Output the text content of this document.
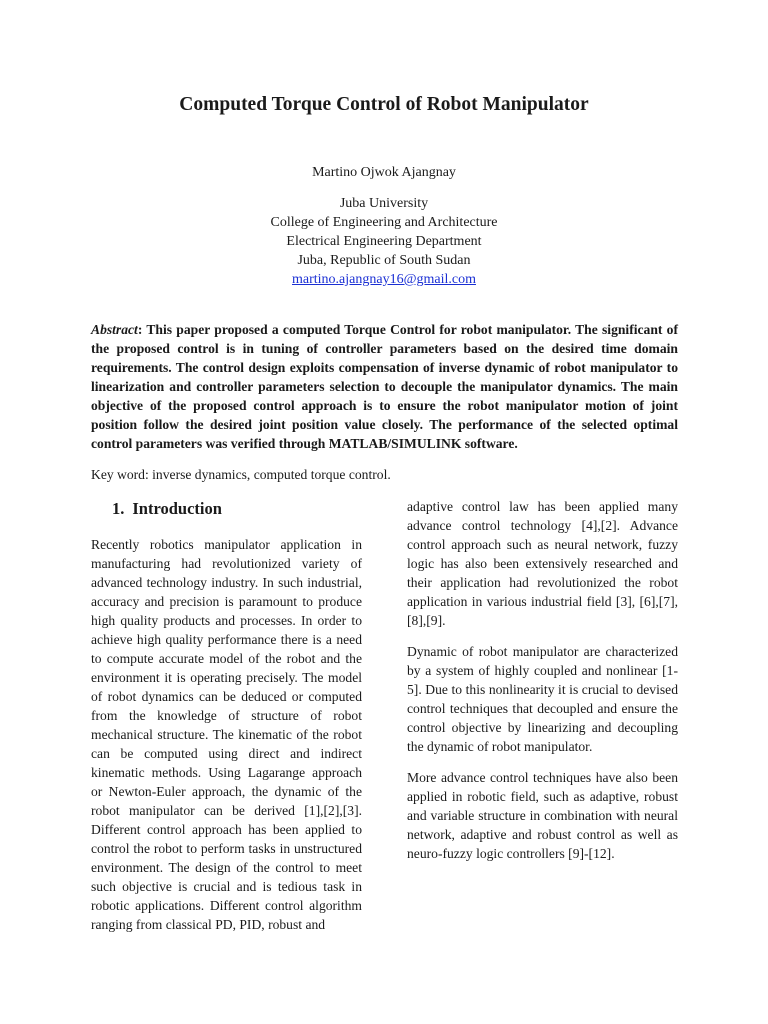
Computed Torque Control of Robot Manipulator
Martino Ojwok Ajangnay
Juba University
College of Engineering and Architecture
Electrical Engineering Department
Juba, Republic of South Sudan
martino.ajangnay16@gmail.com

Abstract: This paper proposed a computed Torque Control for robot manipulator. The significant of the proposed control is in tuning of controller parameters based on the desired time domain requirements. The control design exploits compensation of inverse dynamic of robot manipulator to linearization and controller parameters selection to decouple the manipulator dynamics. The main objective of the proposed control approach is to ensure the robot manipulator motion of joint position follow the desired joint position value closely. The performance of the selected optimal control parameters was verified through MATLAB/SIMULINK software.

Key word: inverse dynamics, computed torque control.

1. Introduction

Recently robotics manipulator application in manufacturing had revolutionized variety of advanced technology industry. In such industrial, accuracy and precision is paramount to produce high quality products and processes. In order to achieve high quality performance there is a need to compute accurate model of the robot and the environment it is operating precisely. The model of robot dynamics can be deduced or computed from the knowledge of structure of robot mechanical structure. The kinematic of the robot can be computed using direct and indirect kinematic methods. Using Lagarange approach or Newton-Euler approach, the dynamic of the robot manipulator can be derived [1],[2],[3]. Different control approach has been applied to control the robot to perform tasks in unstructured environment. The design of the control to meet such objective is crucial and is tedious task in robotic applications. Different control algorithm ranging from classical PD, PID, robust and

adaptive control law has been applied many advance control technology [4],[2]. Advance control approach such as neural network, fuzzy logic has also been extensively researched and their application had revolutionized the robot application in various industrial field [3], [6],[7],[8],[9].

Dynamic of robot manipulator are characterized by a system of highly coupled and nonlinear [1-5]. Due to this nonlinearity it is crucial to devised control techniques that decoupled and ensure the control objective by linearizing and decoupling the dynamic of robot manipulator.

More advance control techniques have also been applied in robotic field, such as adaptive, robust and variable structure in combination with neural network, adaptive and robust control as well as neuro-fuzzy logic controllers [9]-[12].
